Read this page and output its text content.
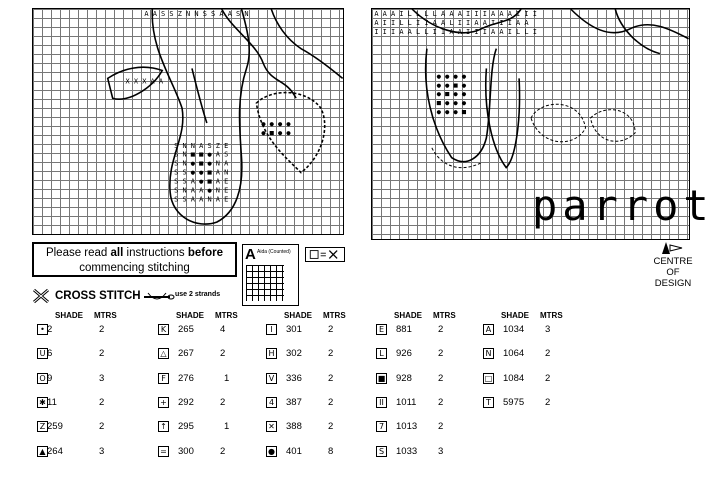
S N N A S Z E
S N ■ ■ ● A S
S N ● ■ ● N A
S S ● ● ■ A N
S S A ● ■ A E
S N A A ● N E
S S A A N A E
A A S S Z N N S S A A S N
● ● ● ●
● ■ ● ●
X X X A A
A A A I L L L L A A A I I I A A A I I I
A I I L L I I A A L I I A A I I I A A
I I I A A L L I I A A I I I A A I L L I
● ● ● ●
● ● ■ ●
● ■ ● ●
■ ● ● ●
● ● ● ■
parrot
Please read all instructions before
commencing stitching
A Aida (Counted)
CENTRE
OF
DESIGN
CROSS STITCH	use 2 strands
SHADE MTRS	SHADE MTRS	SHADE MTRS	SHADE MTRS	SHADE MTRS
• 2	2
U 6	2
O 9	3
✱ 11	2
Z 259	2
▲ 264	3
K	265	4
△ 267	2
F	276	1
+ 292	2
↑ 295	1
= 300	2
I	301	2
H 302	2
V 336	2
4	387	2
✕ 388	2
● 401	8
E	881	2
L	926	2
■ 928	2
II	1011 2
7	1013 2
S	1033 3
A 1034 3
N 1064 2
□ 1084 2
T	5975 2
